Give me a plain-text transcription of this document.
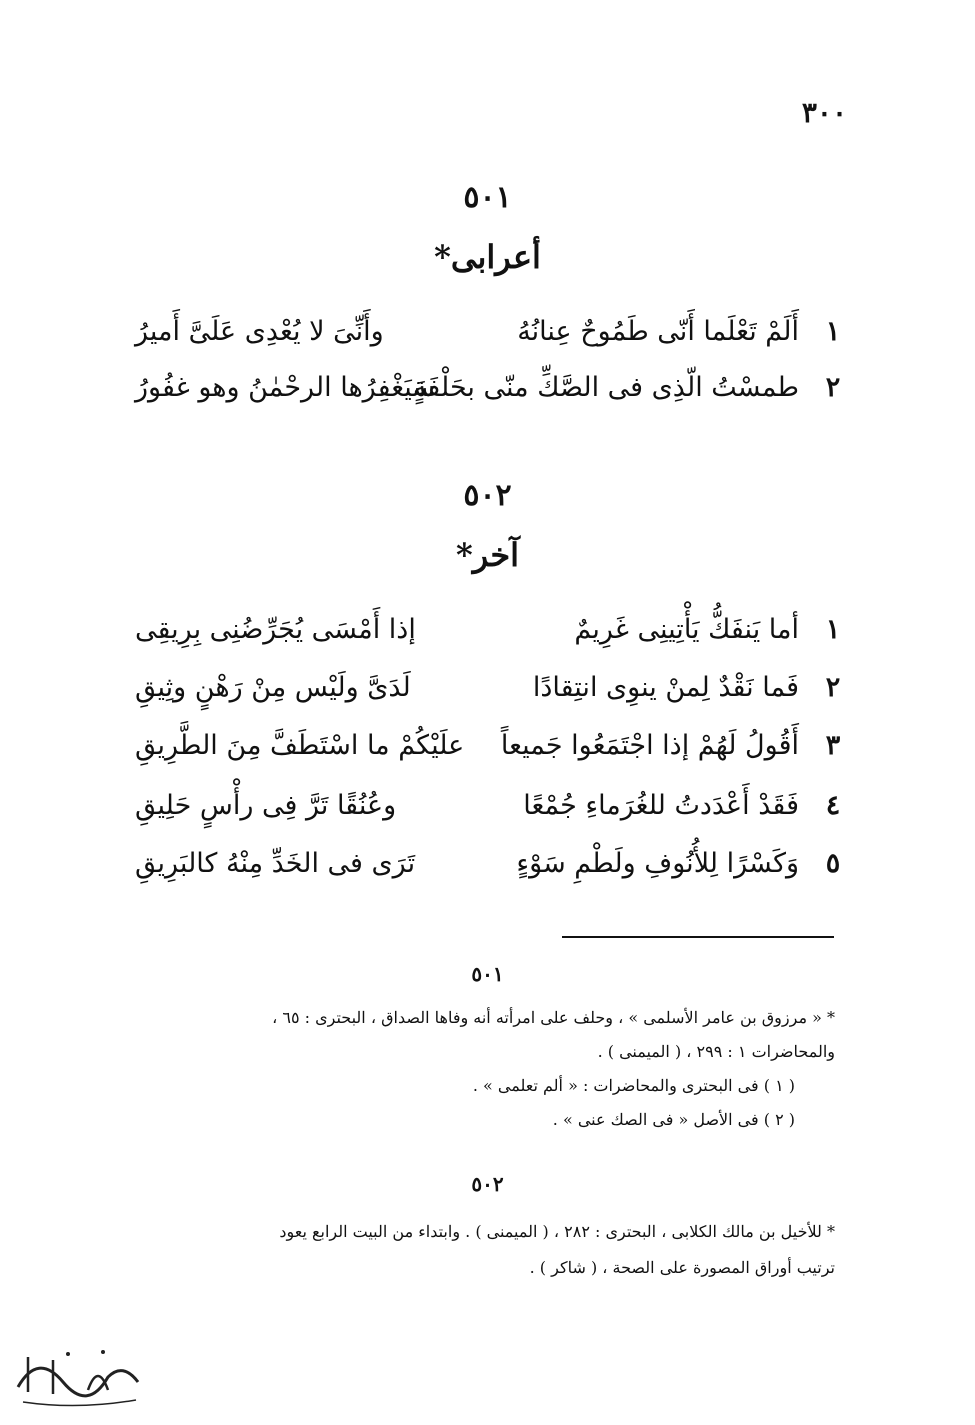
٣٠٠
٥٠١
أعرابى*
١
أَلَمْ تَعْلَما أَنّى طَمُوحٌ عِنانُهُ
وأَنِّىَ لا يُعْدِى عَلَىَّ أَميرُ
٢
طمسْتُ الّذِى فى الصَّكِّ منّى بحَلْفَةٍ
سَيَغْفِرُها الرحْمٰنُ وهو غفُورُ
٥٠٢
آخر*
١
أما يَنفَكُّ يَأْتِينِى غَرِيمٌ
إذا أَمْسَى يُجَرِّضُنِى بِرِيقِى
٢
فَما نَقْدٌ لِمنْ ينوِى انتِقادًا
لَدَىَّ ولَيْس مِنْ رَهْنٍ وثِيقِ
٣
أَقُولُ لَهُمْ إذا اجْتَمَعُوا جَميعاً
علَيْكُمْ ما اسْتَطَفَّ مِنَ الطَّرِيقِ
٤
فَقَدْ أَعْدَدتُ للغُرَماءِ جُمْعًا
وعُنُقًا تَرَّ فِى رأْسٍ حَلِيقِ
٥
وَكَسْرًا لِلأُنُوفِ ولَطْمِ سَوْءٍ
تَرَى فى الخَدِّ مِنْهُ كالبَرِيقِ
٥٠١
* « مرزوق بن عامر الأسلمى » ، وحلف على امرأته أنه وفاها الصداق ، البحترى : ٦٥ ،
والمحاضرات ١ : ٢٩٩ ، ( الميمنى ) .
( ١ ) فى البحترى والمحاضرات : « ألم تعلمى » .
( ٢ ) فى الأصل « فى الصك عنى » .
٥٠٢
* للأخيل بن مالك الكلابى ، البحترى : ٢٨٢ ، ( الميمنى ) . وابتداء من البيت الرابع يعود
ترتيب أوراق المصورة على الصحة ، ( شاكر ) .
